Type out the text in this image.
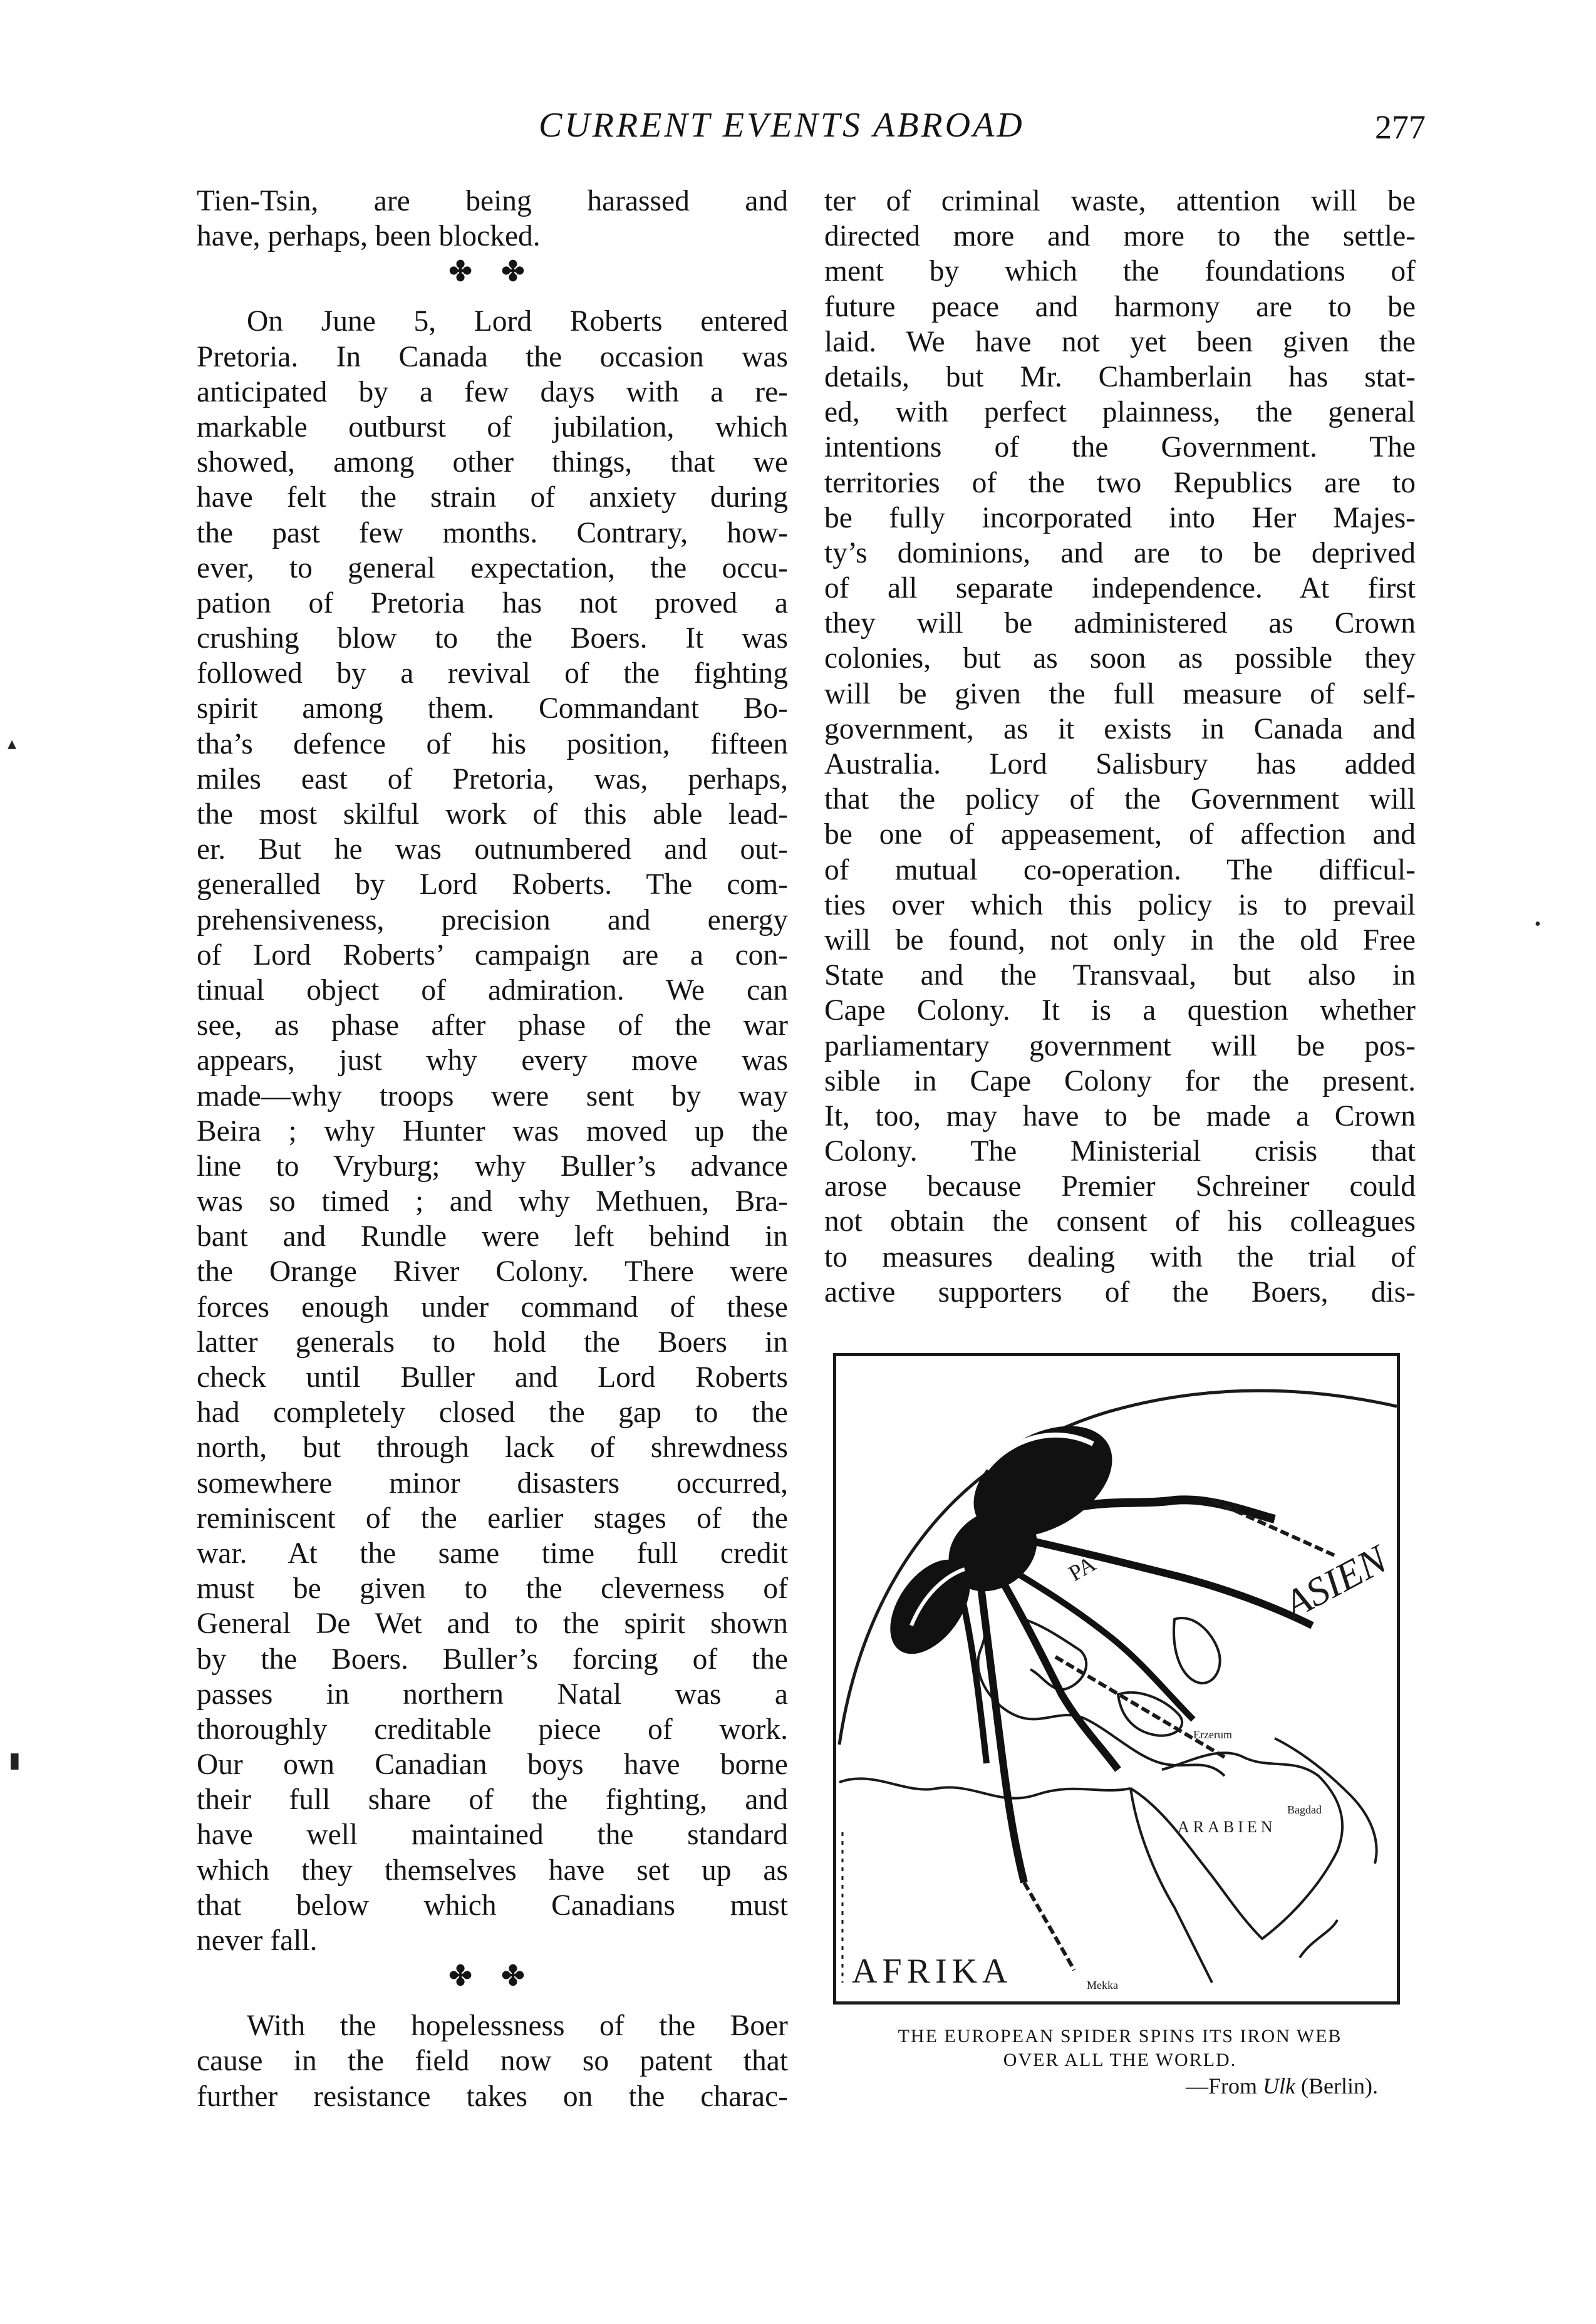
CURRENT EVENTS ABROAD	277
Tien-Tsin, are being harassed and
have, perhaps, been blocked.
✤ ✤
On June 5, Lord Roberts entered
Pretoria. In Canada the occasion was
anticipated by a few days with a re-
markable outburst of jubilation, which
showed, among other things, that we
have felt the strain of anxiety during
the past few months. Contrary, how-
ever, to general expectation, the occu-
pation of Pretoria has not proved a
crushing blow to the Boers. It was
followed by a revival of the fighting
spirit among them. Commandant Bo-
tha’s defence of his position, fifteen
miles east of Pretoria, was, perhaps,
the most skilful work of this able lead-
er. But he was outnumbered and out-
generalled by Lord Roberts. The com-
prehensiveness, precision and energy
of Lord Roberts’ campaign are a con-
tinual object of admiration. We can
see, as phase after phase of the war
appears, just why every move was
made—why troops were sent by way
Beira ; why Hunter was moved up the
line to Vryburg; why Buller’s advance
was so timed ; and why Methuen, Bra-
bant and Rundle were left behind in
the Orange River Colony. There were
forces enough under command of these
latter generals to hold the Boers in
check until Buller and Lord Roberts
had completely closed the gap to the
north, but through lack of shrewdness
somewhere minor disasters occurred,
reminiscent of the earlier stages of the
war. At the same time full credit
must be given to the cleverness of
General De Wet and to the spirit shown
by the Boers. Buller’s forcing of the
passes in northern Natal was a
thoroughly creditable piece of work.
Our own Canadian boys have borne
their full share of the fighting, and
have well maintained the standard
which they themselves have set up as
that below which Canadians must
never fall.
✤ ✤
With the hopelessness of the Boer
cause in the field now so patent that
further resistance takes on the charac-
ter of criminal waste, attention will be
directed more and more to the settle-
ment by which the foundations of
future peace and harmony are to be
laid. We have not yet been given the
details, but Mr. Chamberlain has stat-
ed, with perfect plainness, the general
intentions of the Government. The
territories of the two Republics are to
be fully incorporated into Her Majes-
ty’s dominions, and are to be deprived
of all separate independence. At first
they will be administered as Crown
colonies, but as soon as possible they
will be given the full measure of self-
government, as it exists in Canada and
Australia. Lord Salisbury has added
that the policy of the Government will
be one of appeasement, of affection and
of mutual co-operation. The difficul-
ties over which this policy is to prevail
will be found, not only in the old Free
State and the Transvaal, but also in
Cape Colony. It is a question whether
parliamentary government will be pos-
sible in Cape Colony for the present.
It, too, may have to be made a Crown
Colony. The Ministerial crisis that
arose because Premier Schreiner could
not obtain the consent of his colleagues
to measures dealing with the trial of
active supporters of the Boers, dis-
ASIEN
AFRIKA
ARABIEN
PA
Erzerum
Bagdad
Mekka
THE EUROPEAN SPIDER SPINS ITS IRON WEB
OVER ALL THE WORLD.
—From Ulk (Berlin).
▴
▮
•
